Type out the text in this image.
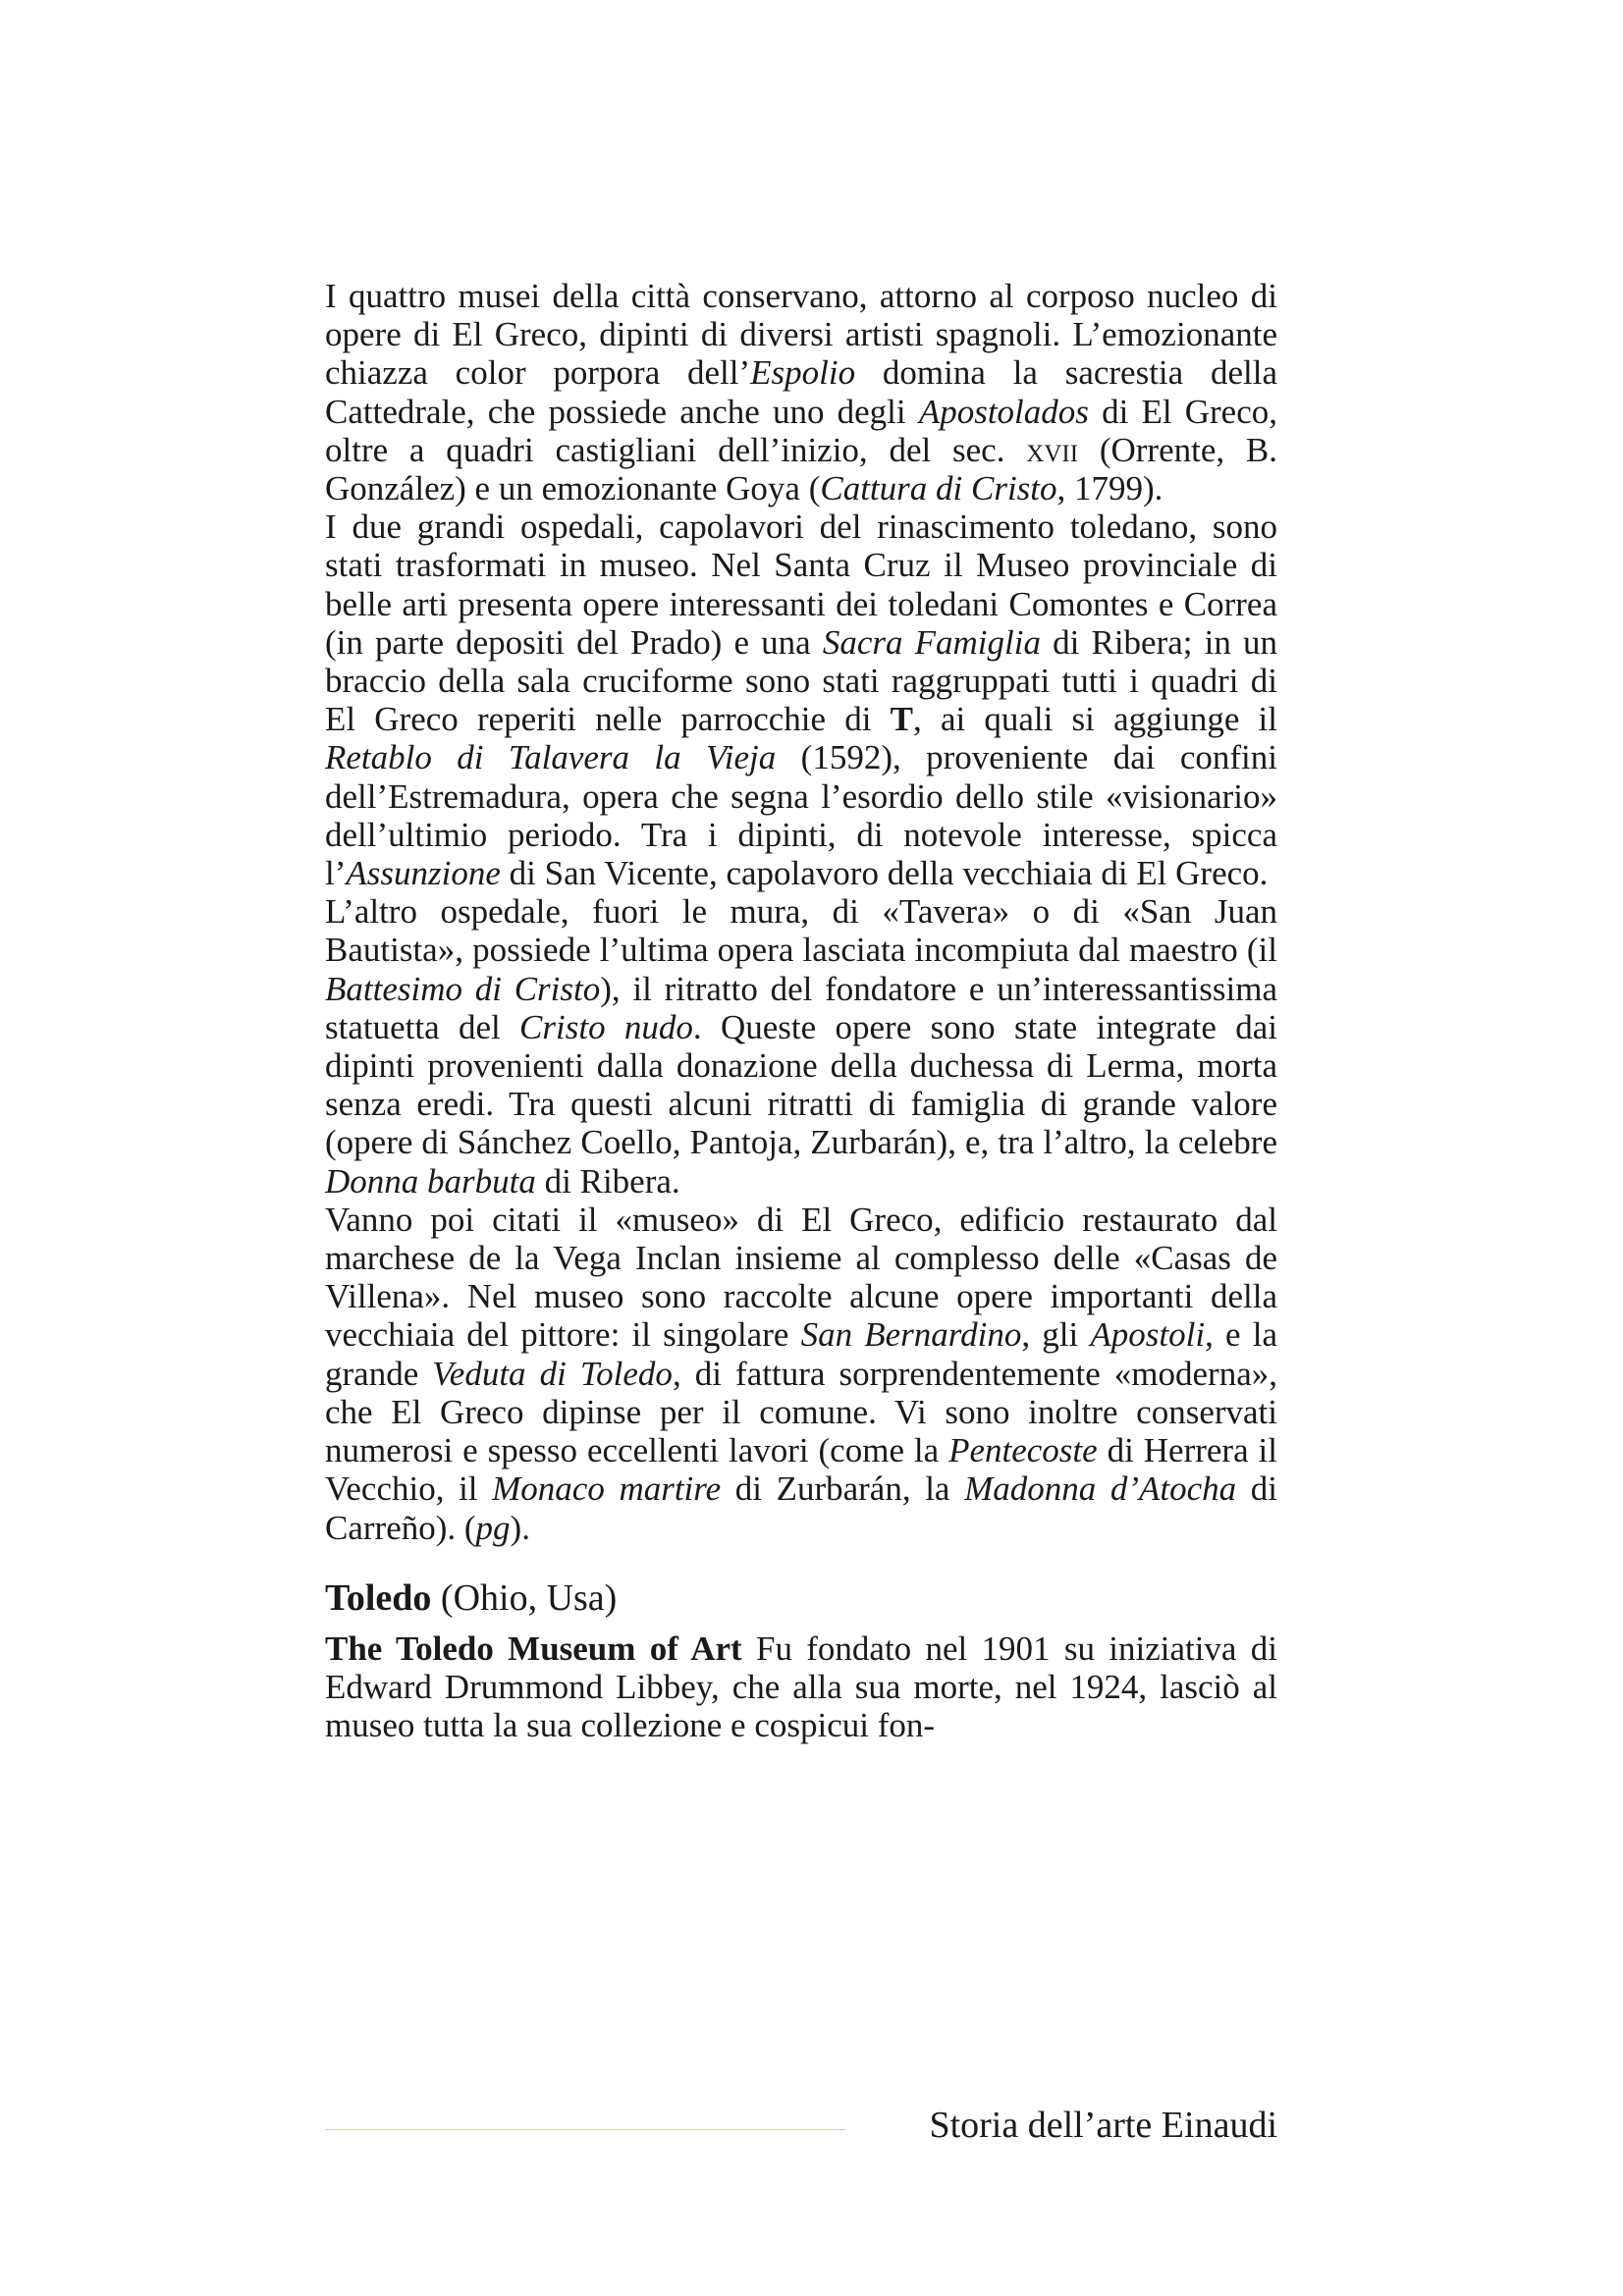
I quattro musei della città conservano, attorno al corposo nucleo di opere di El Greco, dipinti di diversi artisti spagnoli. L’emozionante chiazza color porpora dell’Espolio domina la sacrestia della Cattedrale, che possiede anche uno degli Apostolados di El Greco, oltre a quadri castigliani dell’inizio, del sec. xvii (Orrente, B. González) e un emozionante Goya (Cattura di Cristo, 1799).

I due grandi ospedali, capolavori del rinascimento toledano, sono stati trasformati in museo. Nel Santa Cruz il Museo provinciale di belle arti presenta opere interessanti dei toledani Comontes e Correa (in parte depositi del Prado) e una Sacra Famiglia di Ribera; in un braccio della sala cruciforme sono stati raggruppati tutti i quadri di El Greco reperiti nelle parrocchie di T, ai quali si aggiunge il Retablo di Talavera la Vieja (1592), proveniente dai confini dell’Estremadura, opera che segna l’esordio dello stile «visionario» dell’ultimio periodo. Tra i dipinti, di notevole interesse, spicca l’Assunzione di San Vicente, capolavoro della vecchiaia di El Greco.

L’altro ospedale, fuori le mura, di «Tavera» o di «San Juan Bautista», possiede l’ultima opera lasciata incompiuta dal maestro (il Battesimo di Cristo), il ritratto del fondatore e un’interessantissima statuetta del Cristo nudo. Queste opere sono state integrate dai dipinti provenienti dalla donazione della duchessa di Lerma, morta senza eredi. Tra questi alcuni ritratti di famiglia di grande valore (opere di Sánchez Coello, Pantoja, Zurbarán), e, tra l’altro, la celebre Donna barbuta di Ribera.

Vanno poi citati il «museo» di El Greco, edificio restaurato dal marchese de la Vega Inclan insieme al complesso delle «Casas de Villena». Nel museo sono raccolte alcune opere importanti della vecchiaia del pittore: il singolare San Bernardino, gli Apostoli, e la grande Veduta di Toledo, di fattura sorprendentemente «moderna», che El Greco dipinse per il comune. Vi sono inoltre conservati numerosi e spesso eccellenti lavori (come la Pentecoste di Herrera il Vecchio, il Monaco martire di Zurbarán, la Madonna d’Atocha di Carreño). (pg).

Toledo (Ohio, Usa)

The Toledo Museum of Art Fu fondato nel 1901 su iniziativa di Edward Drummond Libbey, che alla sua morte, nel 1924, lasciò al museo tutta la sua collezione e cospicui fon-

Storia dell’arte Einaudi
